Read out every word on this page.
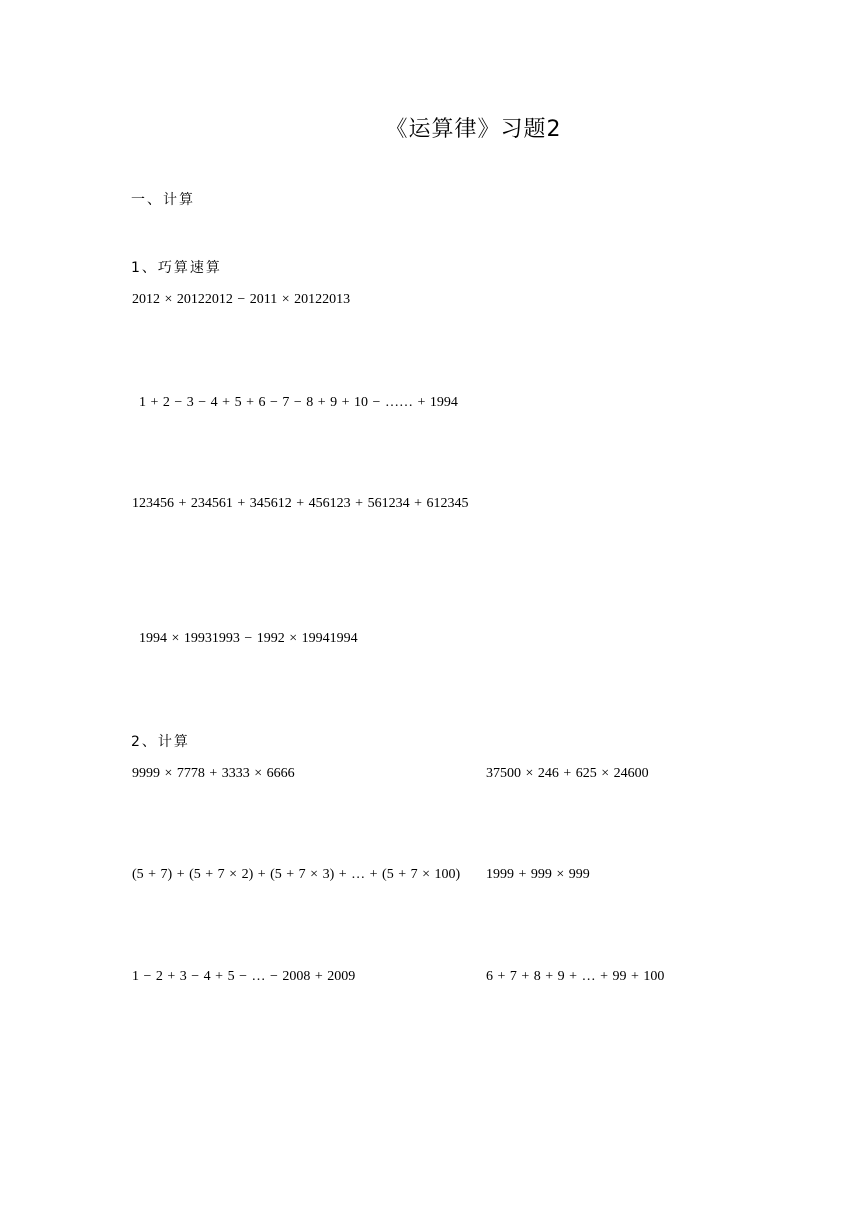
《运算律》习题2
一、计算
1、巧算速算
2012 × 20122012 − 2011 × 20122013
1 + 2 − 3 − 4 + 5 + 6 − 7 − 8 + 9 + 10 − …… + 1994
123456 + 234561 + 345612 + 456123 + 561234 + 612345
1994 × 19931993 − 1992 × 19941994
2、计算
9999 × 7778 + 3333 × 6666	37500 × 246 + 625 × 24600
(5 + 7) + (5 + 7 × 2) + (5 + 7 × 3) + … + (5 + 7 × 100) 1999 + 999 × 999
1 − 2 + 3 − 4 + 5 − … − 2008 + 2009	6 + 7 + 8 + 9 + … + 99 + 100
